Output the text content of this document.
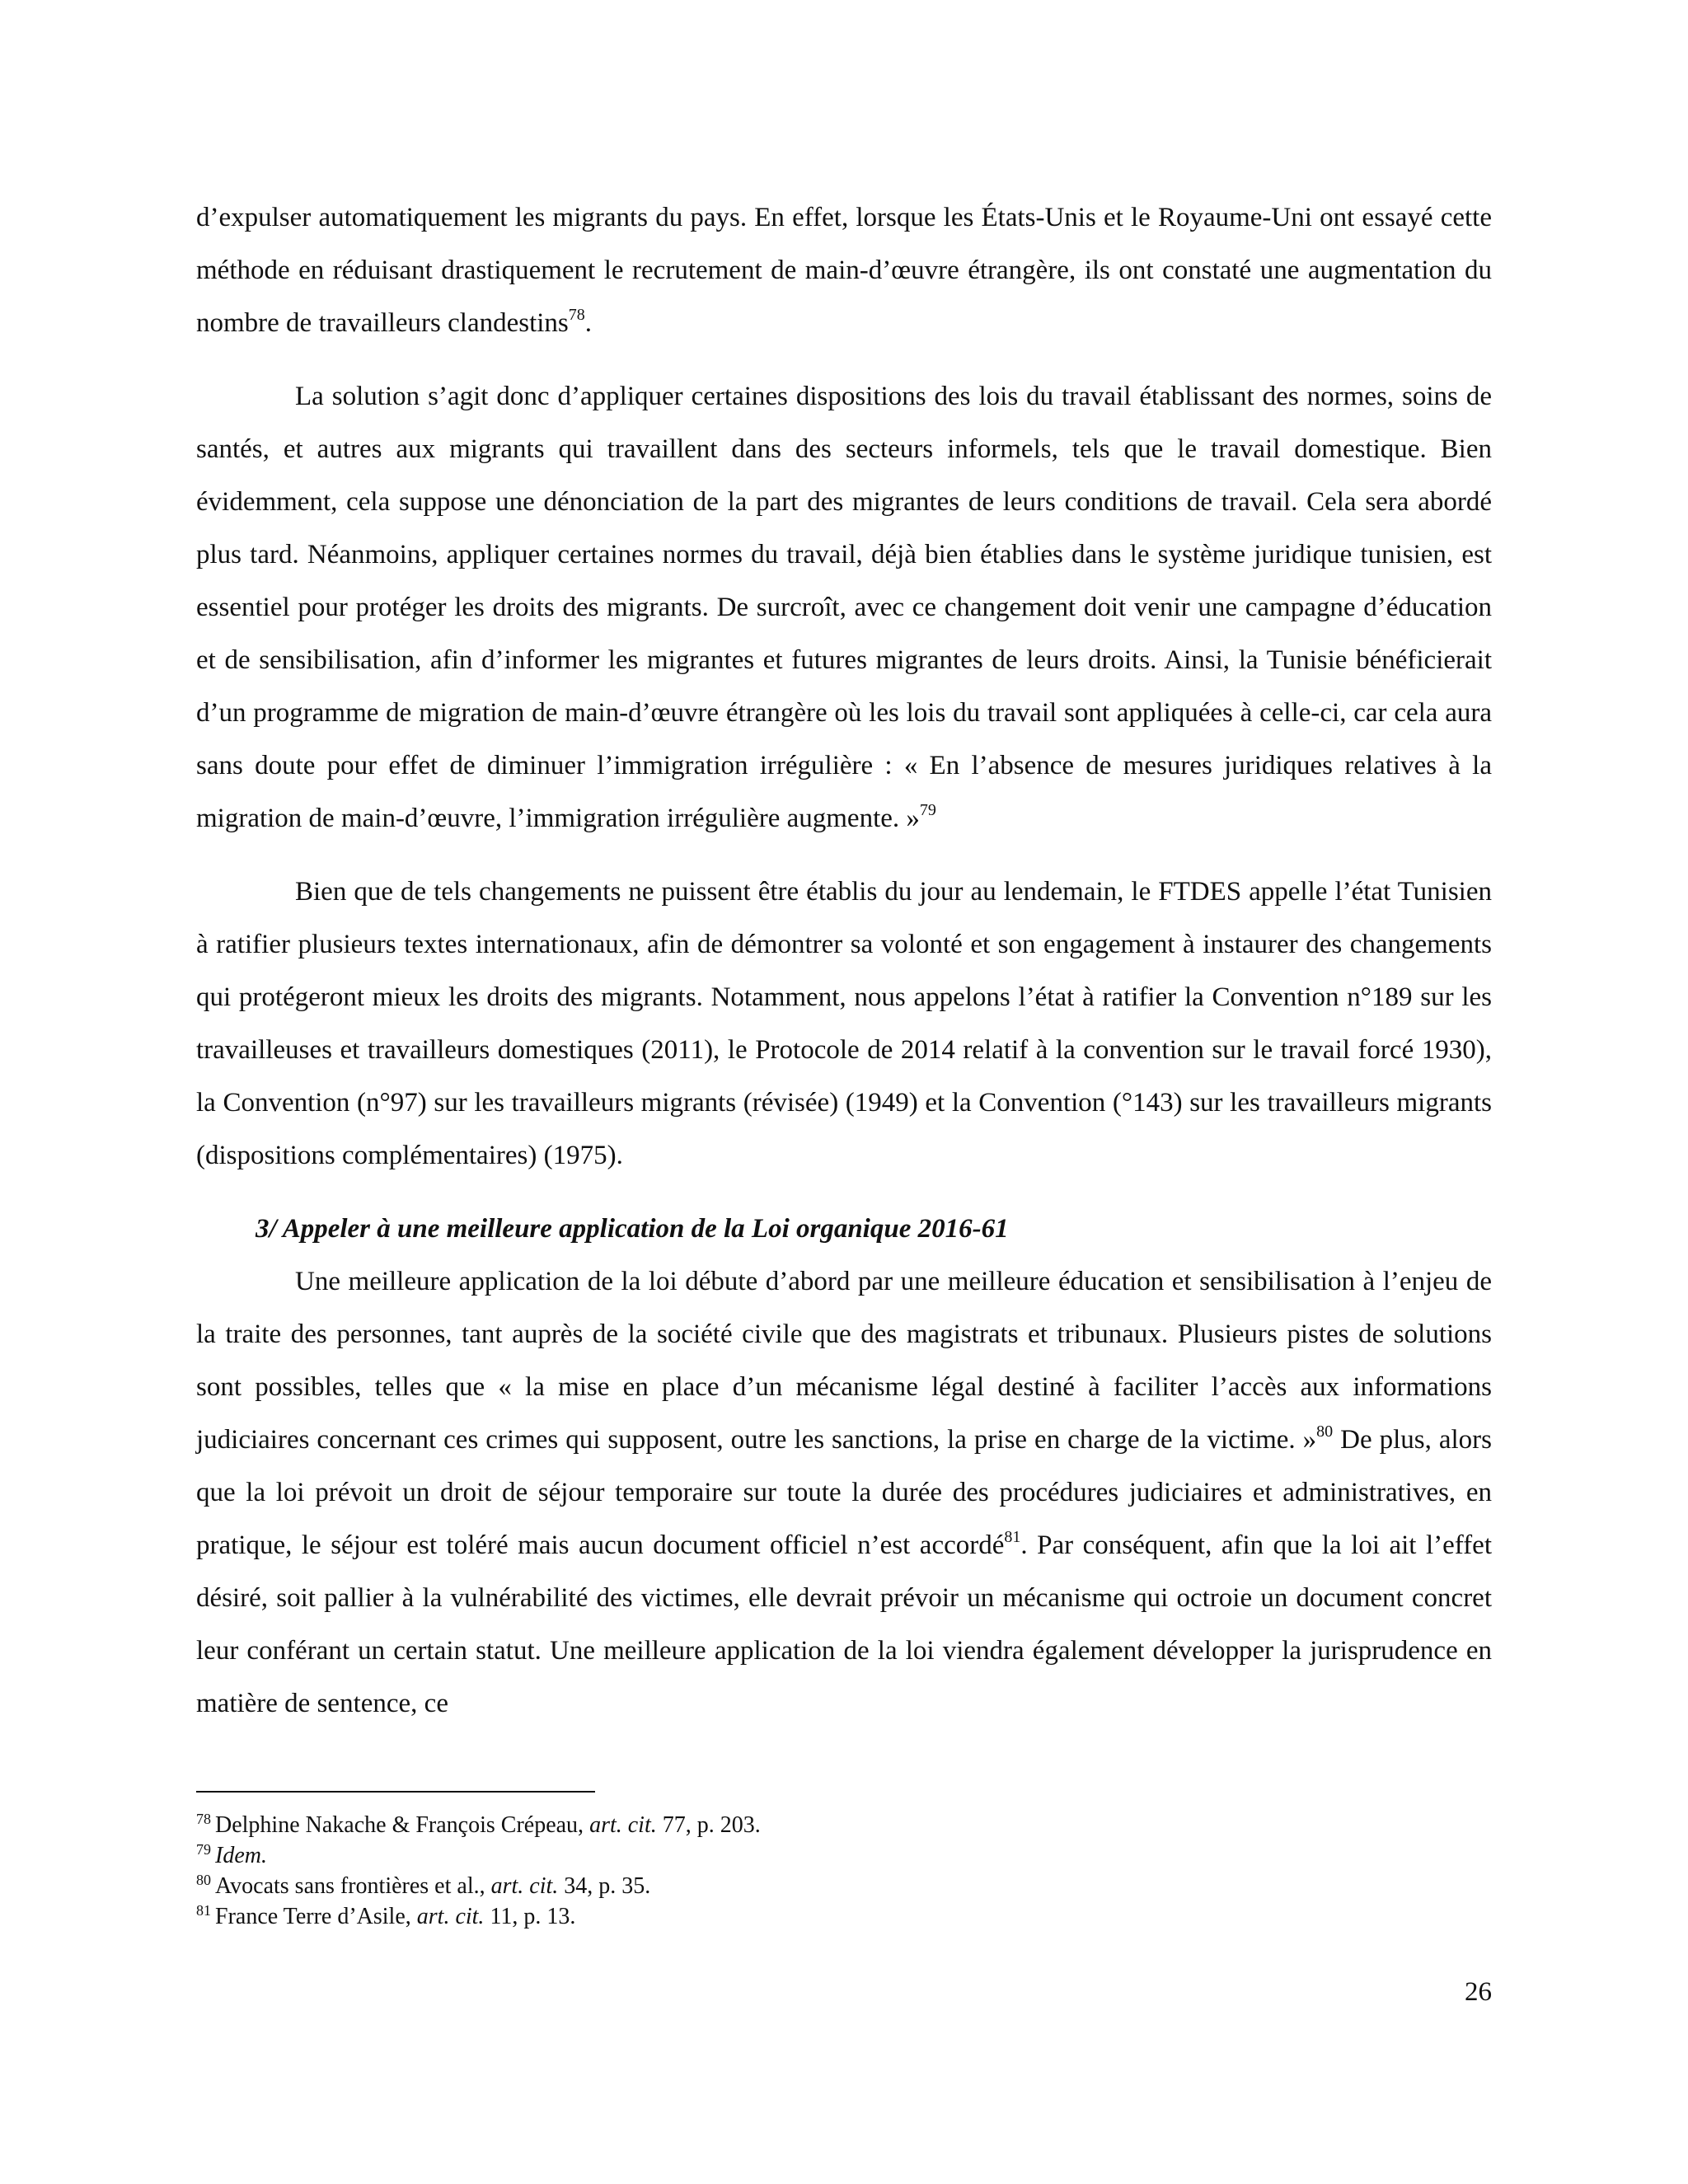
d’expulser automatiquement les migrants du pays. En effet, lorsque les États-Unis et le Royaume-Uni ont essayé cette méthode en réduisant drastiquement le recrutement de main-d’œuvre étrangère, ils ont constaté une augmentation du nombre de travailleurs clandestins$^{78}$.

La solution s’agit donc d’appliquer certaines dispositions des lois du travail établissant des normes, soins de santés, et autres aux migrants qui travaillent dans des secteurs informels, tels que le travail domestique. Bien évidemment, cela suppose une dénonciation de la part des migrantes de leurs conditions de travail. Cela sera abordé plus tard. Néanmoins, appliquer certaines normes du travail, déjà bien établies dans le système juridique tunisien, est essentiel pour protéger les droits des migrants. De surcroît, avec ce changement doit venir une campagne d’éducation et de sensibilisation, afin d’informer les migrantes et futures migrantes de leurs droits. Ainsi, la Tunisie bénéficierait d’un programme de migration de main-d’œuvre étrangère où les lois du travail sont appliquées à celle-ci, car cela aura sans doute pour effet de diminuer l’immigration irrégulière : « En l’absence de mesures juridiques relatives à la migration de main-d’œuvre, l’immigration irrégulière augmente. »$^{79}$

Bien que de tels changements ne puissent être établis du jour au lendemain, le FTDES appelle l’état Tunisien à ratifier plusieurs textes internationaux, afin de démontrer sa volonté et son engagement à instaurer des changements qui protégeront mieux les droits des migrants. Notamment, nous appelons l’état à ratifier la Convention n°189 sur les travailleuses et travailleurs domestiques (2011), le Protocole de 2014 relatif à la convention sur le travail forcé 1930), la Convention (n°97) sur les travailleurs migrants (révisée) (1949) et la Convention (°143) sur les travailleurs migrants (dispositions complémentaires) (1975).

3/ Appeler à une meilleure application de la Loi organique 2016-61

Une meilleure application de la loi débute d’abord par une meilleure éducation et sensibilisation à l’enjeu de la traite des personnes, tant auprès de la société civile que des magistrats et tribunaux. Plusieurs pistes de solutions sont possibles, telles que « la mise en place d’un mécanisme légal destiné à faciliter l’accès aux informations judiciaires concernant ces crimes qui supposent, outre les sanctions, la prise en charge de la victime. »$^{80}$ De plus, alors que la loi prévoit un droit de séjour temporaire sur toute la durée des procédures judiciaires et administratives, en pratique, le séjour est toléré mais aucun document officiel n’est accordé$^{81}$. Par conséquent, afin que la loi ait l’effet désiré, soit pallier à la vulnérabilité des victimes, elle devrait prévoir un mécanisme qui octroie un document concret leur conférant un certain statut. Une meilleure application de la loi viendra également développer la jurisprudence en matière de sentence, ce

$^{78}$ Delphine Nakache & François Crépeau, art. cit. 77, p. 203.

$^{79}$ Idem.

$^{80}$ Avocats sans frontières et al., art. cit. 34, p. 35.

$^{81}$ France Terre d’Asile, art. cit. 11, p. 13.

26
